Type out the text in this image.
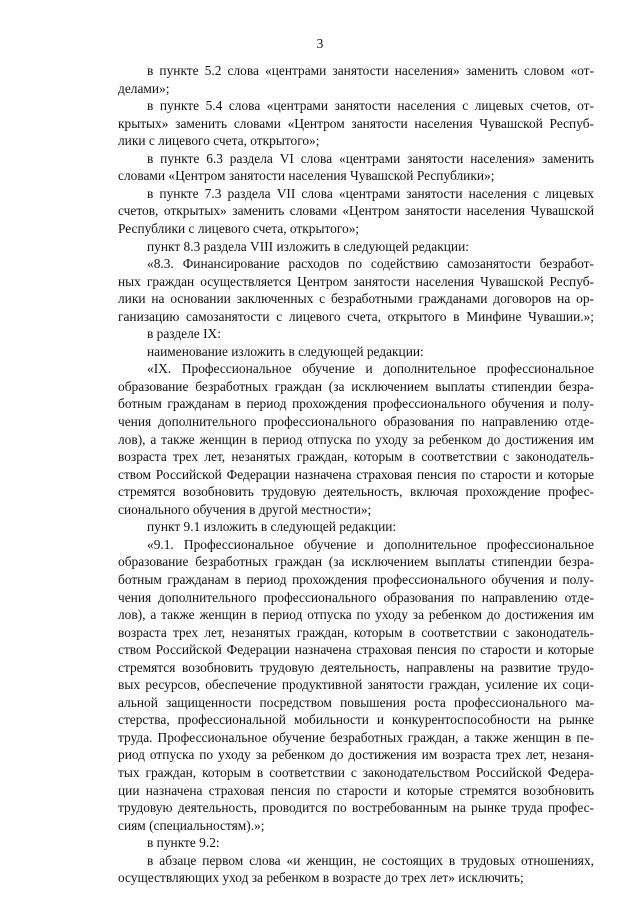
3
в пункте 5.2 слова «центрами занятости населения» заменить словом «от-
делами»;
в пункте 5.4 слова «центрами занятости населения с лицевых счетов, от-
крытых» заменить словами «Центром занятости населения Чувашской Респуб-
лики с лицевого счета, открытого»;
в пункте 6.3 раздела VI слова «центрами занятости населения» заменить
словами «Центром занятости населения Чувашской Республики»;
в пункте 7.3 раздела VII слова «центрами занятости населения с лицевых
счетов, открытых» заменить словами «Центром занятости населения Чувашской
Республики с лицевого счета, открытого»;
пункт 8.3 раздела VIII изложить в следующей редакции:
«8.3. Финансирование расходов по содействию самозанятости безработ-
ных граждан осуществляется Центром занятости населения Чувашской Респуб-
лики на основании заключенных с безработными гражданами договоров на ор-
ганизацию самозанятости с лицевого счета, открытого в Минфине Чувашии.»;
в разделе IX:
наименование изложить в следующей редакции:
«IX. Профессиональное обучение и дополнительное профессиональное
образование безработных граждан (за исключением выплаты стипендии безра-
ботным гражданам в период прохождения профессионального обучения и полу-
чения дополнительного профессионального образования по направлению отде-
лов), а также женщин в период отпуска по уходу за ребенком до достижения им
возраста трех лет, незанятых граждан, которым в соответствии с законодатель-
ством Российской Федерации назначена страховая пенсия по старости и которые
стремятся возобновить трудовую деятельность, включая прохождение профес-
сионального обучения в другой местности»;
пункт 9.1 изложить в следующей редакции:
«9.1. Профессиональное обучение и дополнительное профессиональное
образование безработных граждан (за исключением выплаты стипендии безра-
ботным гражданам в период прохождения профессионального обучения и полу-
чения дополнительного профессионального образования по направлению отде-
лов), а также женщин в период отпуска по уходу за ребенком до достижения им
возраста трех лет, незанятых граждан, которым в соответствии с законодатель-
ством Российской Федерации назначена страховая пенсия по старости и которые
стремятся возобновить трудовую деятельность, направлены на развитие трудо-
вых ресурсов, обеспечение продуктивной занятости граждан, усиление их соци-
альной защищенности посредством повышения роста профессионального ма-
стерства, профессиональной мобильности и конкурентоспособности на рынке
труда. Профессиональное обучение безработных граждан, а также женщин в пе-
риод отпуска по уходу за ребенком до достижения им возраста трех лет, незаня-
тых граждан, которым в соответствии с законодательством Российской Федера-
ции назначена страховая пенсия по старости и которые стремятся возобновить
трудовую деятельность, проводится по востребованным на рынке труда профес-
сиям (специальностям).»;
в пункте 9.2:
в абзаце первом слова «и женщин, не состоящих в трудовых отношениях,
осуществляющих уход за ребенком в возрасте до трех лет» исключить;
